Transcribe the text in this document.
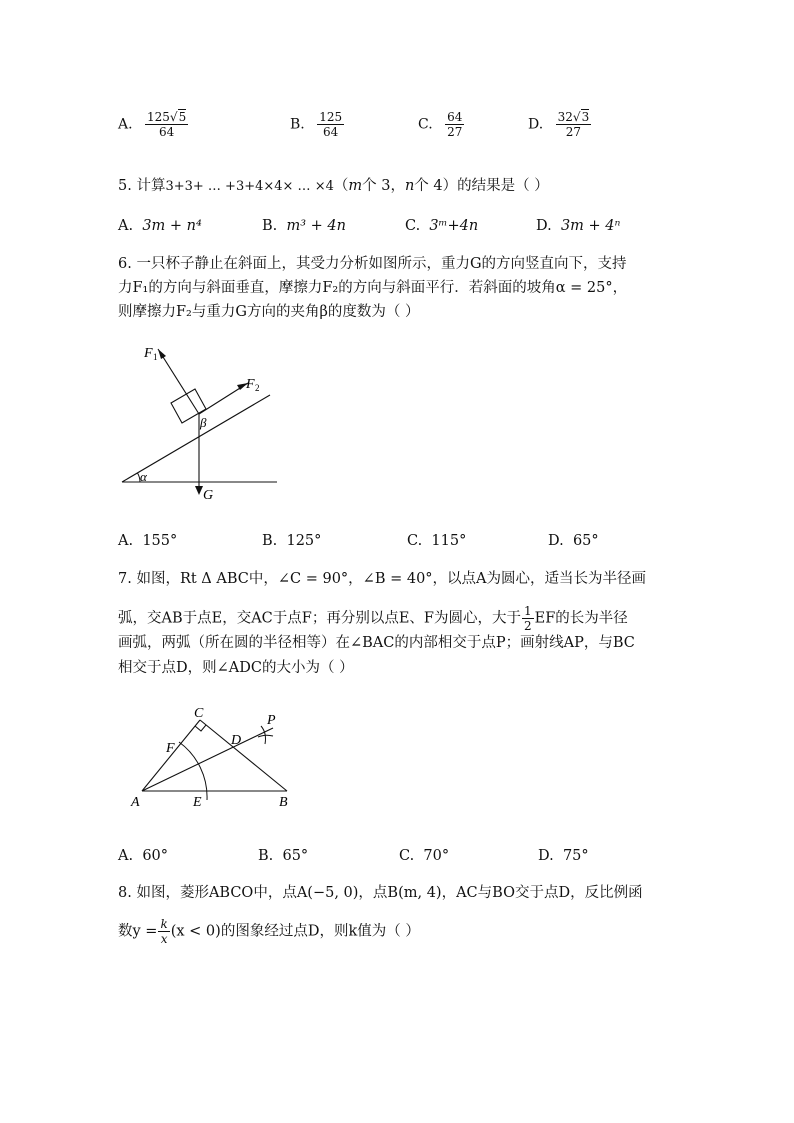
A. $\frac{125√5}{64}$	B. $\frac{125}{64}$	C. $\frac{64}{27}$	D. $\frac{32√3}{27}$
5. 计算3+3+ … +3+4×4× … ×4（m个 3，n个 4）的结果是（ ）
A. 3m + n⁴	B. m³ + 4n	C. 3ᵐ+4n	D. 3m + 4ⁿ
6. 一只杯子静止在斜面上，其受力分析如图所示，重力G的方向竖直向下，支持
力F₁的方向与斜面垂直，摩擦力F₂的方向与斜面平行．若斜面的坡角α = 25°，
则摩擦力F₂与重力G方向的夹角β的度数为（ ）
α
β
F 1
F 2
G
A. 155°	B. 125°	C. 115°	D. 65°
7. 如图，Rt Δ ABC中，∠C = 90°，∠B = 40°，以点A为圆心，适当长为半径画
弧，交AB于点E，交AC于点F；再分别以点E、F为圆心，大于 $\frac{1}{2}$ EF的长为半径
画弧，两弧（所在圆的半径相等）在∠BAC的内部相交于点P；画射线AP，与BC
相交于点D，则∠ADC的大小为（ ）
C	P
F
D
A	E	B
A. 60°	B. 65°	C. 70°	D. 75°
8. 如图，菱形ABCO中，点A(−5, 0)，点B(m, 4)，AC与BO交于点D，反比例函
数$y = \frac{k}{x} (x < 0)$的图象经过点D，则k值为（ ）
